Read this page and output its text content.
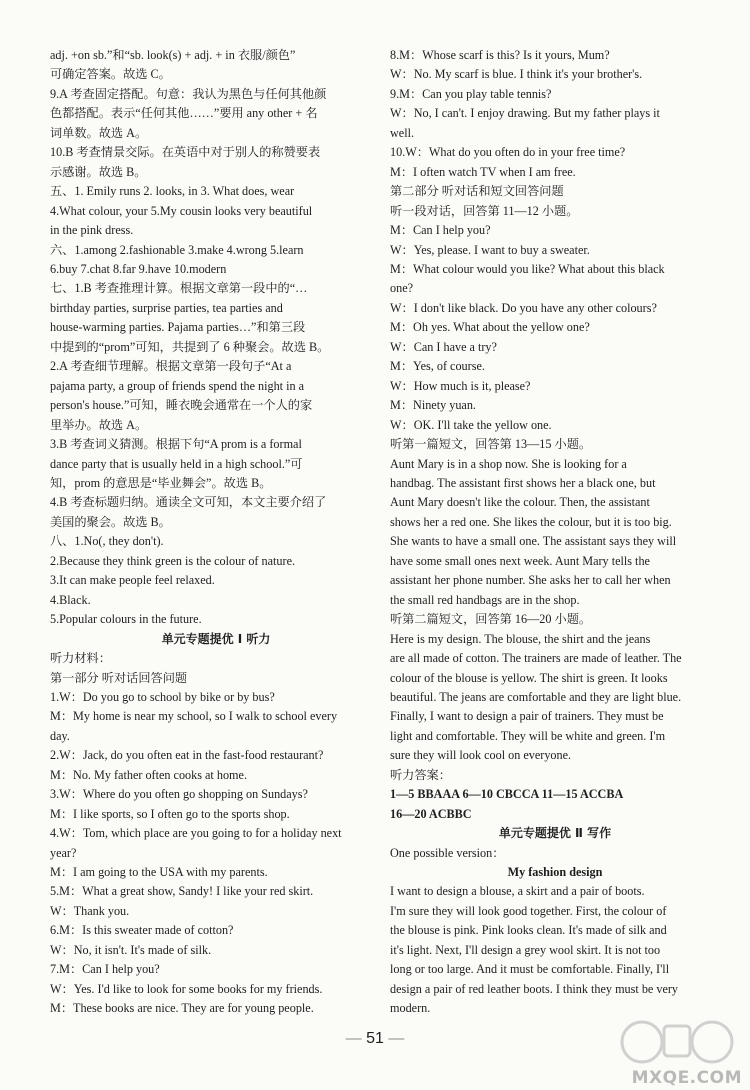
adj. +on sb.”和“sb. look(s) + adj. + in 衣服/颜色”
可确定答案。故选 C。
9.A 考查固定搭配。句意：我认为黑色与任何其他颜
色都搭配。表示“任何其他……”要用 any other + 名
词单数。故选 A。
10.B 考查情景交际。在英语中对于别人的称赞要表
示感谢。故选 B。
五、1. Emily runs 2. looks, in 3. What does, wear
4.What colour, your 5.My cousin looks very beautiful
in the pink dress.
六、1.among 2.fashionable 3.make 4.wrong 5.learn
6.buy 7.chat 8.far 9.have 10.modern
七、1.B 考查推理计算。根据文章第一段中的“…
birthday parties, surprise parties, tea parties and
house-warming parties. Pajama parties…”和第三段
中提到的“prom”可知，共提到了 6 种聚会。故选 B。
2.A 考查细节理解。根据文章第一段句子“At a
pajama party, a group of friends spend the night in a
person's house.”可知，睡衣晚会通常在一个人的家
里举办。故选 A。
3.B 考查词义猜测。根据下句“A prom is a formal
dance party that is usually held in a high school.”可
知，prom 的意思是“毕业舞会”。故选 B。
4.B 考查标题归纳。通读全文可知，本文主要介绍了
美国的聚会。故选 B。
八、1.No(, they don't).
2.Because they think green is the colour of nature.
3.It can make people feel relaxed.
4.Black.
5.Popular colours in the future.
单元专题提优 Ⅰ 听力
听力材料：
第一部分 听对话回答问题
1.W：Do you go to school by bike or by bus?
M：My home is near my school, so I walk to school every
day.
2.W：Jack, do you often eat in the fast-food restaurant?
M：No. My father often cooks at home.
3.W：Where do you often go shopping on Sundays?
M：I like sports, so I often go to the sports shop.
4.W：Tom, which place are you going to for a holiday next
year?
M：I am going to the USA with my parents.
5.M：What a great show, Sandy! I like your red skirt.
W：Thank you.
6.M：Is this sweater made of cotton?
W：No, it isn't. It's made of silk.
7.M：Can I help you?
W：Yes. I'd like to look for some books for my friends.
M：These books are nice. They are for young people.
8.M：Whose scarf is this? Is it yours, Mum?
W：No. My scarf is blue. I think it's your brother's.
9.M：Can you play table tennis?
W：No, I can't. I enjoy drawing. But my father plays it
well.
10.W：What do you often do in your free time?
M：I often watch TV when I am free.
第二部分 听对话和短文回答问题
听一段对话，回答第 11—12 小题。
M：Can I help you?
W：Yes, please. I want to buy a sweater.
M：What colour would you like? What about this black
one?
W：I don't like black. Do you have any other colours?
M：Oh yes. What about the yellow one?
W：Can I have a try?
M：Yes, of course.
W：How much is it, please?
M：Ninety yuan.
W：OK. I'll take the yellow one.
听第一篇短文，回答第 13—15 小题。
Aunt Mary is in a shop now. She is looking for a
handbag. The assistant first shows her a black one, but
Aunt Mary doesn't like the colour. Then, the assistant
shows her a red one. She likes the colour, but it is too big.
She wants to have a small one. The assistant says they will
have some small ones next week. Aunt Mary tells the
assistant her phone number. She asks her to call her when
the small red handbags are in the shop.
听第二篇短文，回答第 16—20 小题。
Here is my design. The blouse, the shirt and the jeans
are all made of cotton. The trainers are made of leather. The
colour of the blouse is yellow. The shirt is green. It looks
beautiful. The jeans are comfortable and they are light blue.
Finally, I want to design a pair of trainers. They must be
light and comfortable. They will be white and green. I'm
sure they will look cool on everyone.
听力答案：
1—5 BBAAA 6—10 CBCCA 11—15 ACCBA
16—20 ACBBC
单元专题提优 Ⅱ 写作
One possible version：
My fashion design
I want to design a blouse, a skirt and a pair of boots.
I'm sure they will look good together. First, the colour of
the blouse is pink. Pink looks clean. It's made of silk and
it's light. Next, I'll design a grey wool skirt. It is not too
long or too large. And it must be comfortable. Finally, I'll
design a pair of red leather boots. I think they must be very
modern.
— 51 —
MXQE.COM
